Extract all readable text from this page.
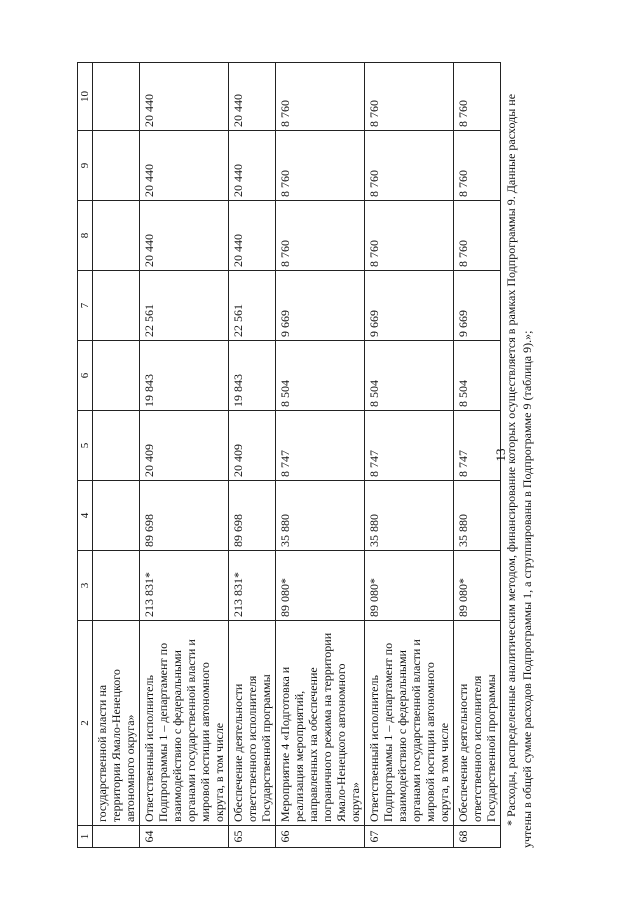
1	2	3	4	5	6	7	8	9	10
	государственной власти на территории Ямало-Ненецкого автономного округа»								
64	Ответственный исполнитель Подпрограммы 1 – департамент по взаимодействию с федеральными органами государственной власти и мировой юстиции автономного округа, в том числе	213 831*	89 698	20 409	19 843	22 561	20 440	20 440	20 440
65	Обеспечение деятельности ответственного исполнителя Государственной программы	213 831*	89 698	20 409	19 843	22 561	20 440	20 440	20 440
66	Мероприятие 4 «Подготовка и реализация мероприятий, направленных на обеспечение пограничного режима на территории Ямало-Ненецкого автономного округа»	89 080*	35 880	8 747	8 504	9 669	8 760	8 760	8 760
67	Ответственный исполнитель Подпрограммы 1 – департамент по взаимодействию с федеральными органами государственной власти и мировой юстиции автономного округа, в том числе	89 080*	35 880	8 747	8 504	9 669	8 760	8 760	8 760
68	Обеспечение деятельности ответственного исполнителя Государственной программы	89 080*	35 880	8 747	8 504	9 669	8 760	8 760	8 760
13

* Расходы, распределенные аналитическим методом, финансирование которых осуществляется в рамках Подпрограммы 9. Данные расходы не учтены в общей сумме расходов Подпрограммы 1, а сгруппированы в Подпрограмме 9 (таблица 9).»;
